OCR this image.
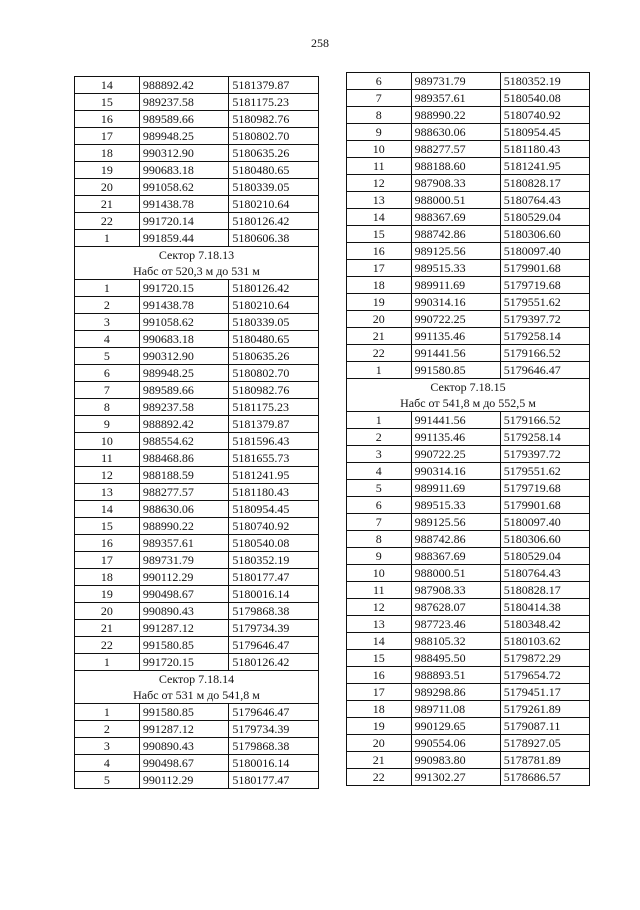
258
14	988892.42	5181379.87
15	989237.58	5181175.23
16	989589.66	5180982.76
17	989948.25	5180802.70
18	990312.90	5180635.26
19	990683.18	5180480.65
20	991058.62	5180339.05
21	991438.78	5180210.64
22	991720.14	5180126.42
1	991859.44	5180606.38
Сектор 7.18.13		
Набс от 520,3 м до 531 м		
1	991720.15	5180126.42
2	991438.78	5180210.64
3	991058.62	5180339.05
4	990683.18	5180480.65
5	990312.90	5180635.26
6	989948.25	5180802.70
7	989589.66	5180982.76
8	989237.58	5181175.23
9	988892.42	5181379.87
10	988554.62	5181596.43
11	988468.86	5181655.73
12	988188.59	5181241.95
13	988277.57	5181180.43
14	988630.06	5180954.45
15	988990.22	5180740.92
16	989357.61	5180540.08
17	989731.79	5180352.19
18	990112.29	5180177.47
19	990498.67	5180016.14
20	990890.43	5179868.38
21	991287.12	5179734.39
22	991580.85	5179646.47
1	991720.15	5180126.42
Сектор 7.18.14		
Набс от 531 м до 541,8 м		
1	991580.85	5179646.47
2	991287.12	5179734.39
3	990890.43	5179868.38
4	990498.67	5180016.14
5	990112.29	5180177.47
6	989731.79	5180352.19
7	989357.61	5180540.08
8	988990.22	5180740.92
9	988630.06	5180954.45
10	988277.57	5181180.43
11	988188.60	5181241.95
12	987908.33	5180828.17
13	988000.51	5180764.43
14	988367.69	5180529.04
15	988742.86	5180306.60
16	989125.56	5180097.40
17	989515.33	5179901.68
18	989911.69	5179719.68
19	990314.16	5179551.62
20	990722.25	5179397.72
21	991135.46	5179258.14
22	991441.56	5179166.52
1	991580.85	5179646.47
Сектор 7.18.15		
Набс от 541,8 м до 552,5 м		
1	991441.56	5179166.52
2	991135.46	5179258.14
3	990722.25	5179397.72
4	990314.16	5179551.62
5	989911.69	5179719.68
6	989515.33	5179901.68
7	989125.56	5180097.40
8	988742.86	5180306.60
9	988367.69	5180529.04
10	988000.51	5180764.43
11	987908.33	5180828.17
12	987628.07	5180414.38
13	987723.46	5180348.42
14	988105.32	5180103.62
15	988495.50	5179872.29
16	988893.51	5179654.72
17	989298.86	5179451.17
18	989711.08	5179261.89
19	990129.65	5179087.11
20	990554.06	5178927.05
21	990983.80	5178781.89
22	991302.27	5178686.57
